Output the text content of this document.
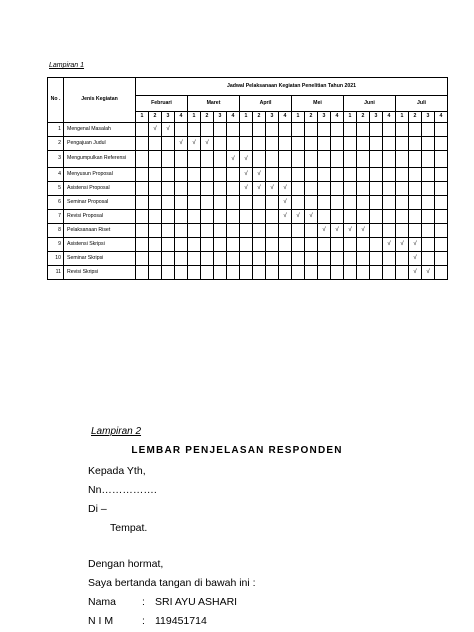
Lampiran 1
No .	Jenis Kegiatan	Jadwal Pelaksanaan Kegiatan Penelitian Tahun 2021																							
		Februari				Maret				April				Mei				Juni				Juli			
		1	2	3	4	1	2	3	4	1	2	3	4	1	2	3	4	1	2	3	4	1	2	3	4
1	Mengenal Masalah		√	√																					
2	Pengajuan Judul				√	√	√																		
3	Mengumpulkan Referensi								√	√															
4	Menyusun Proposal									√	√														
5	Asistensi Proposal									√	√	√	√												
6	Seminar Proposal												√												
7	Revisi Proposal												√	√	√										
8	Pelaksanaan Riset															√	√	√	√						
9	Asistensi Skripsi																				√	√	√		
10	Seminar Skripsi																						√		
11	Revisi Skripsi																						√	√	
Lampiran 2
LEMBAR PENJELASAN RESPONDEN
Kepada Yth,
Nn…………….
Di –
Tempat.
Dengan hormat,
Saya bertanda tangan di bawah ini :
Nama : SRI AYU ASHARI
N I M	: 119451714
